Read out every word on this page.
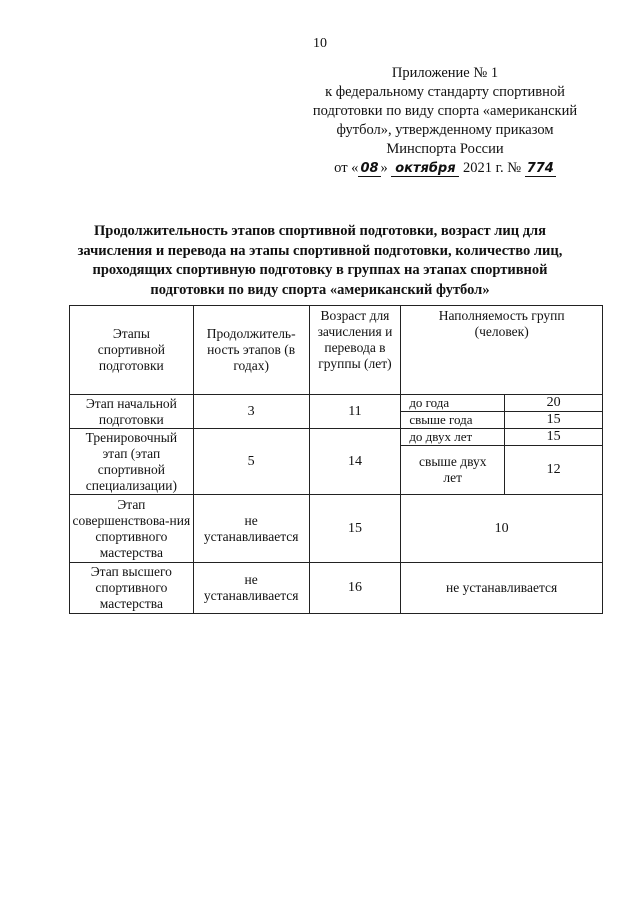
10
Приложение № 1
к федеральному стандарту спортивной
подготовки по виду спорта «американский
футбол», утвержденному приказом
Минспорта России
от « 08 » октября 2021 г. № 774
Продолжительность этапов спортивной подготовки, возраст лиц для зачисления и перевода на этапы спортивной подготовки, количество лиц, проходящих спортивную подготовку в группах на этапах спортивной подготовки по виду спорта «американский футбол»
Этапы спортивной подготовки	Продолжитель-ность этапов (в годах)	Возраст для зачисления и перевода в группы (лет)	Наполняемость групп (человек)	
Этап начальной подготовки	3	11	до года	20
			свыше года	15
Тренировочный этап (этап спортивной специализации)	5	14	до двух лет	15
			свыше двух лет	12
Этап совершенствова-ния спортивного мастерства	не устанавливается	15	10	
Этап высшего спортивного мастерства	не устанавливается	16	не устанавливается	
